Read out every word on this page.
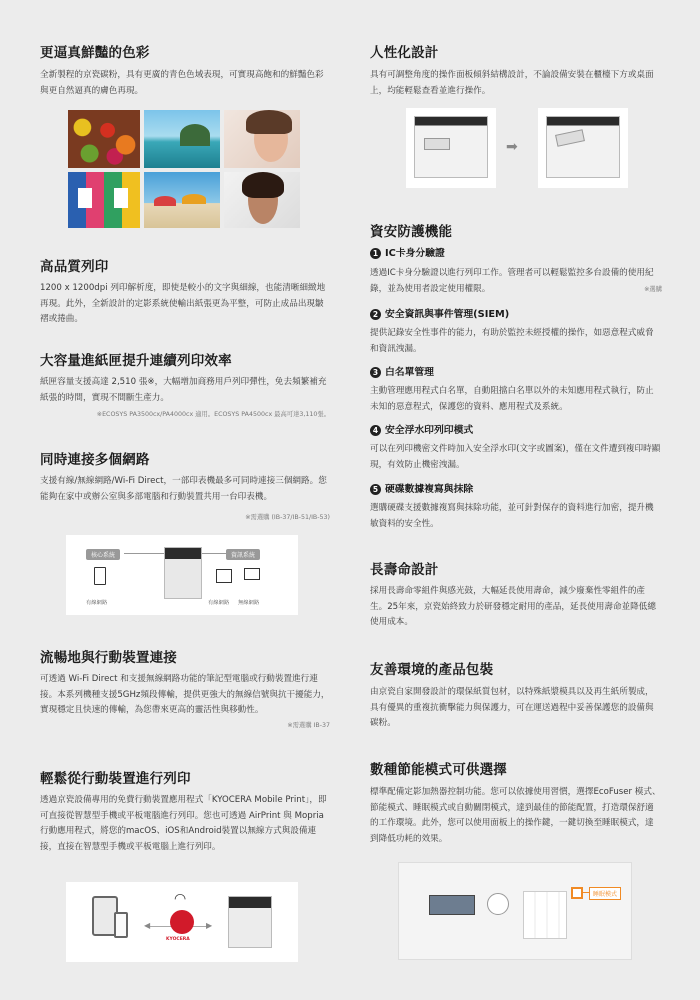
更逼真鮮豔的色彩

全新製程的京瓷碳粉，具有更廣的青色色域表現，可實現高飽和的鮮豔色彩與更自然逼真的膚色再現。

高品質列印

1200 x 1200dpi 列印解析度，即使是較小的文字與細線，也能清晰細緻地再現。此外，全新設計的定影系統使輸出紙張更為平整，可防止成品出現皺褶或捲曲。

大容量進紙匣提升連續列印效率

紙匣容量支援高達 2,510 張※，大幅增加商務用戶列印彈性，免去頻繁補充紙張的時間，實現不間斷生產力。

※ECOSYS PA3500cx/PA4000cx 適用。ECOSYS PA4500cx 最高可達3,110張。

同時連接多個網路

支援有線/無線網路/Wi-Fi Direct，一部印表機最多可同時連接三個網路。您能夠在家中或辦公室與多部電腦和行動裝置共用一台印表機。

※需選購 (IB-37/IB-51/IB-53)

核心系統	資訊系統
有線網路	有線網路 無線網路
流暢地與行動裝置連接

可透過 Wi-Fi Direct 和支援無線網路功能的筆記型電腦或行動裝置進行連接。本系列機種支援5GHz頻段傳輸，提供更強大的無線信號與抗干擾能力，實現穩定且快速的傳輸，為您帶來更高的靈活性與移動性。

※需選購 IB-37

輕鬆從行動裝置進行列印

透過京瓷設備專用的免費行動裝置應用程式「KYOCERA Mobile Print」，即可直接從智慧型手機或平板電腦進行列印。您也可透過 AirPrint 與 Mopria 行動應用程式，將您的macOS、iOS和Android裝置以無線方式與設備連接，直接在智慧型手機或平板電腦上進行列印。

◀	▶
◠
KYOCERA
人性化設計

具有可調整角度的操作面板傾斜結構設計，不論設備安裝在櫃檯下方或桌面上，均能輕鬆查看並進行操作。

➡
資安防護機能
1 IC卡身分驗證

透過IC卡身分驗證以進行列印工作。管理者可以輕鬆監控多台設備的使用紀錄，並為使用者設定使用權限。	※選購

2 安全資訊與事件管理(SIEM)

提供記錄安全性事件的能力，有助於監控未經授權的操作，如惡意程式威脅和資訊洩漏。

3 白名單管理

主動管理應用程式白名單，自動阻擋白名單以外的未知應用程式執行，防止未知的惡意程式，保護您的資料、應用程式及系統。

4 安全浮水印列印模式

可以在列印機密文件時加入安全浮水印(文字或圖案)，僅在文件遭到複印時顯現，有效防止機密洩漏。

5 硬碟數據複寫與抹除

選購硬碟支援數據複寫與抹除功能，並可針對保存的資料進行加密，提升機敏資料的安全性。

長壽命設計

採用長壽命零組件與感光鼓，大幅延長使用壽命，減少廢棄性零組件的產生。25年來，京瓷始終致力於研發穩定耐用的產品，延長使用壽命並降低總使用成本。

友善環境的產品包裝

由京瓷自家開發設計的環保紙質包材，以特殊紙漿模具以及再生紙所製成，具有優異的重複抗衝擊能力與保護力，可在運送過程中妥善保護您的設備與碳粉。

數種節能模式可供選擇

標準配備定影加熱器控制功能。您可以依據使用習慣，選擇EcoFuser 模式、節能模式、睡眠模式或自動關閉模式，達到最佳的節能配置，打造環保舒適的工作環境。此外，您可以使用面板上的操作鍵，一鍵切換至睡眠模式，達到降低功耗的效果。

睡眠模式
